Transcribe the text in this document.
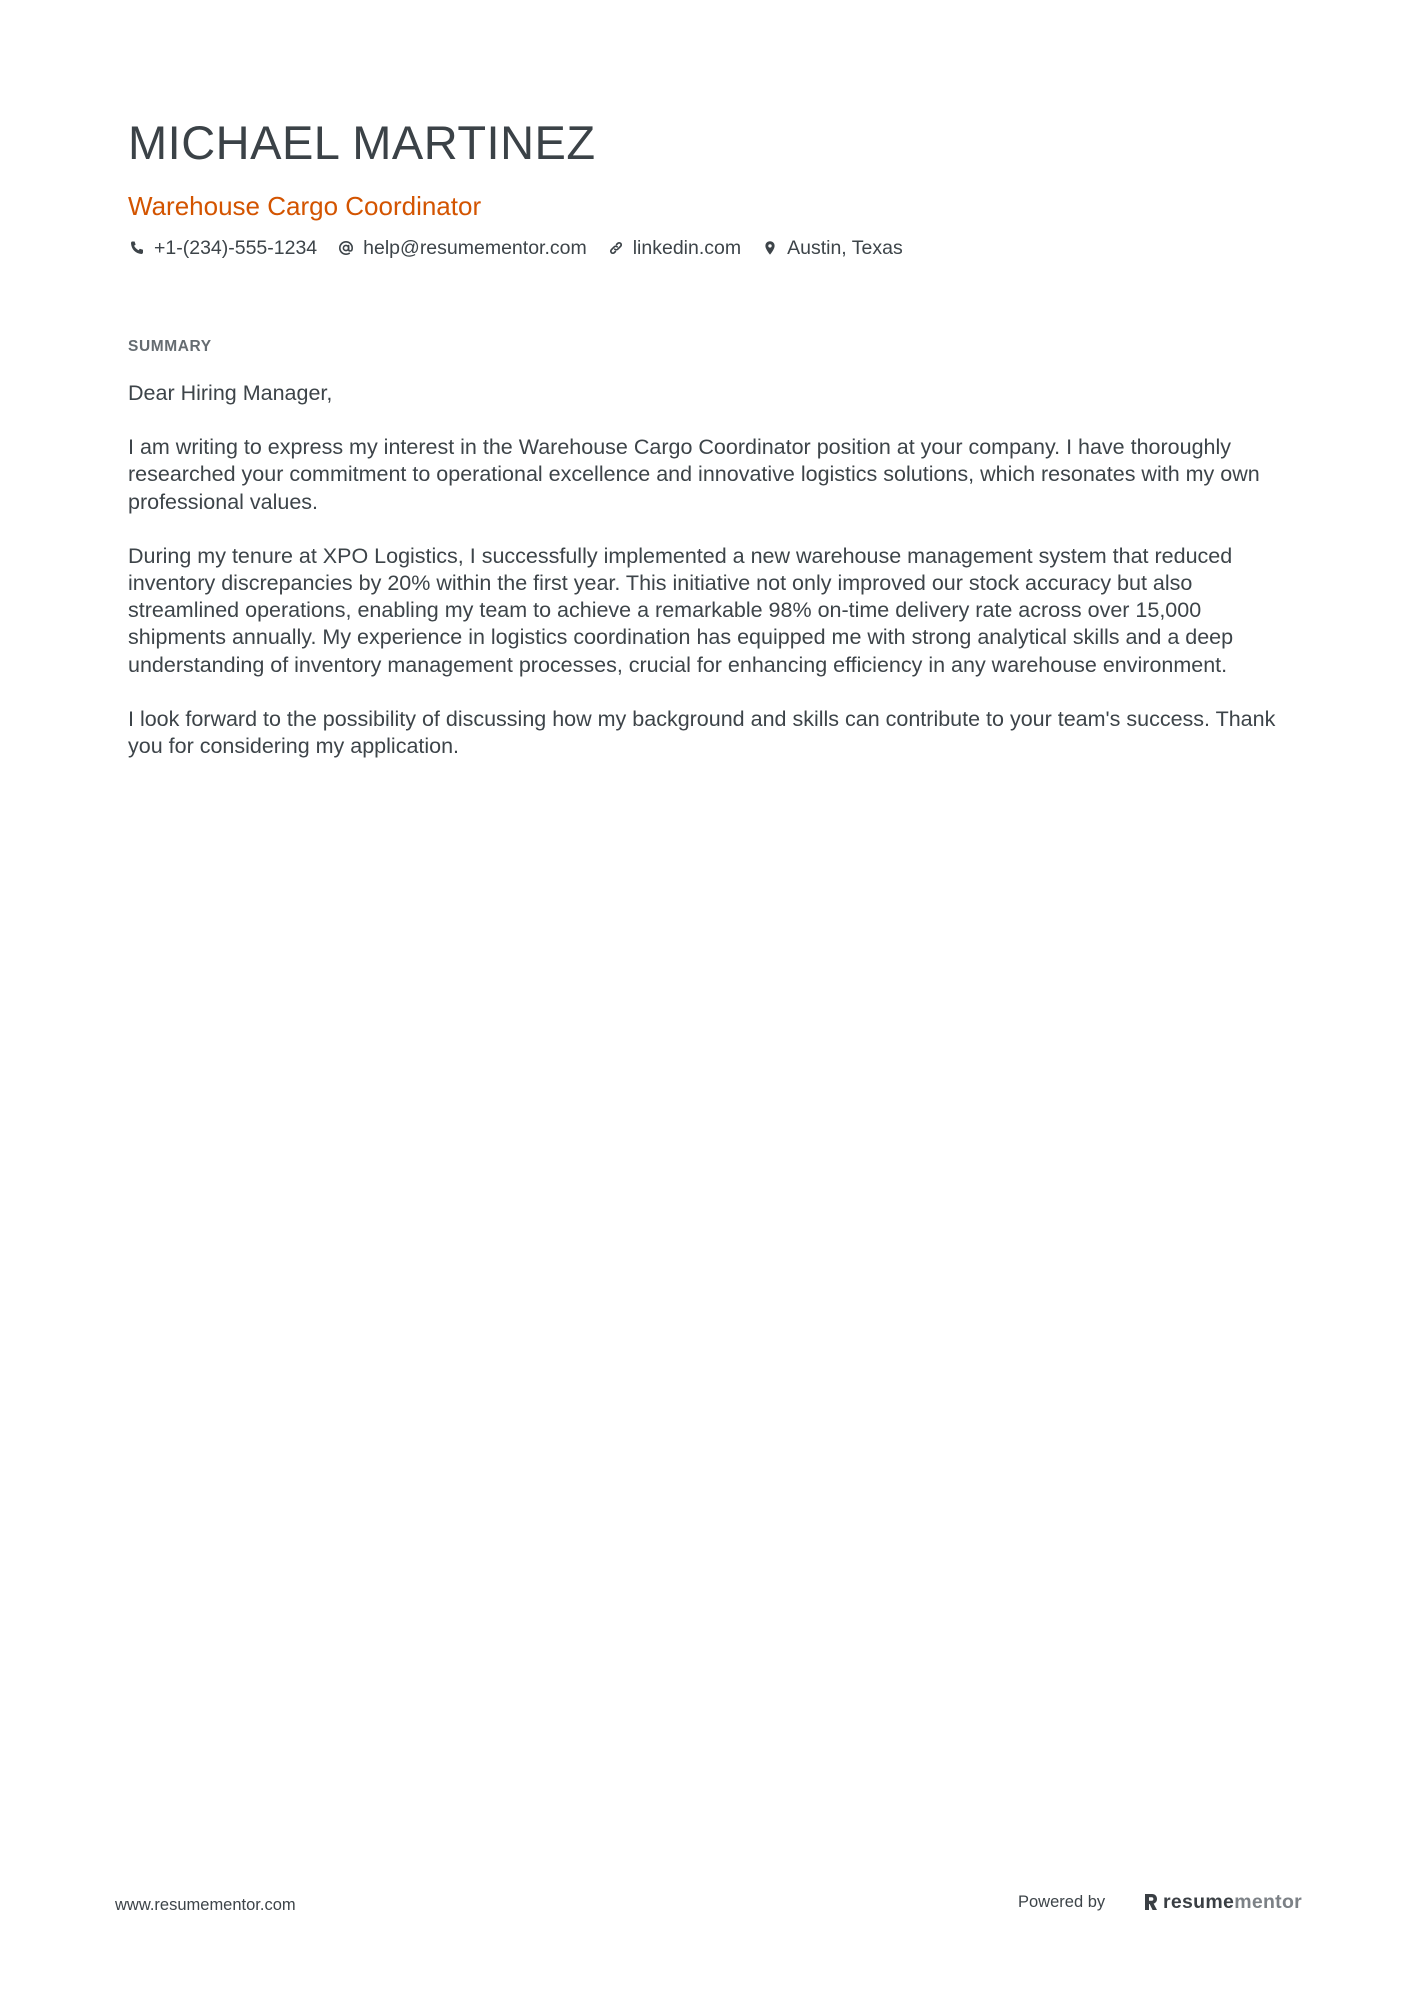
MICHAEL MARTINEZ
Warehouse Cargo Coordinator
+1-(234)-555-1234 help@resumementor.com linkedin.com Austin, Texas
SUMMARY

Dear Hiring Manager,

I am writing to express my interest in the Warehouse Cargo Coordinator position at your company. I have thoroughly researched your commitment to operational excellence and innovative logistics solutions, which resonates with my own professional values.

During my tenure at XPO Logistics, I successfully implemented a new warehouse management system that reduced inventory discrepancies by 20% within the first year. This initiative not only improved our stock accuracy but also streamlined operations, enabling my team to achieve a remarkable 98% on-time delivery rate across over 15,000 shipments annually. My experience in logistics coordination has equipped me with strong analytical skills and a deep understanding of inventory management processes, crucial for enhancing efficiency in any warehouse environment.

I look forward to the possibility of discussing how my background and skills can contribute to your team's success. Thank you for considering my application.

www.resumementor.com	Powered by	resumementor
